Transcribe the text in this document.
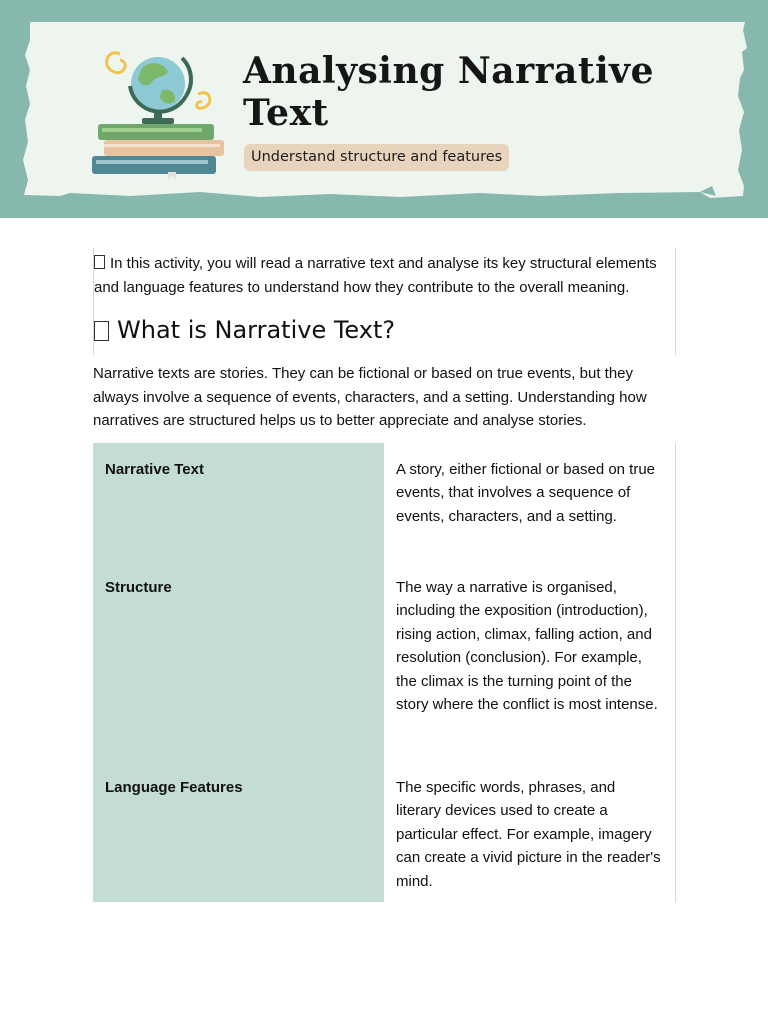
Analysing Narrative Text
Understand structure and features

In this activity, you will read a narrative text and analyse its key structural elements and language features to understand how they contribute to the overall meaning.

What is Narrative Text?

Narrative texts are stories. They can be fictional or based on true events, but they always involve a sequence of events, characters, and a setting. Understanding how narratives are structured helps us to better appreciate and analyse stories.

Narrative Text	A story, either fictional or based on true events, that involves a sequence of events, characters, and a setting.
Structure	The way a narrative is organised, including the exposition (introduction), rising action, climax, falling action, and resolution (conclusion). For example, the climax is the turning point of the story where the conflict is most intense.
Language Features	The specific words, phrases, and literary devices used to create a particular effect. For example, imagery can create a vivid picture in the reader's mind.
